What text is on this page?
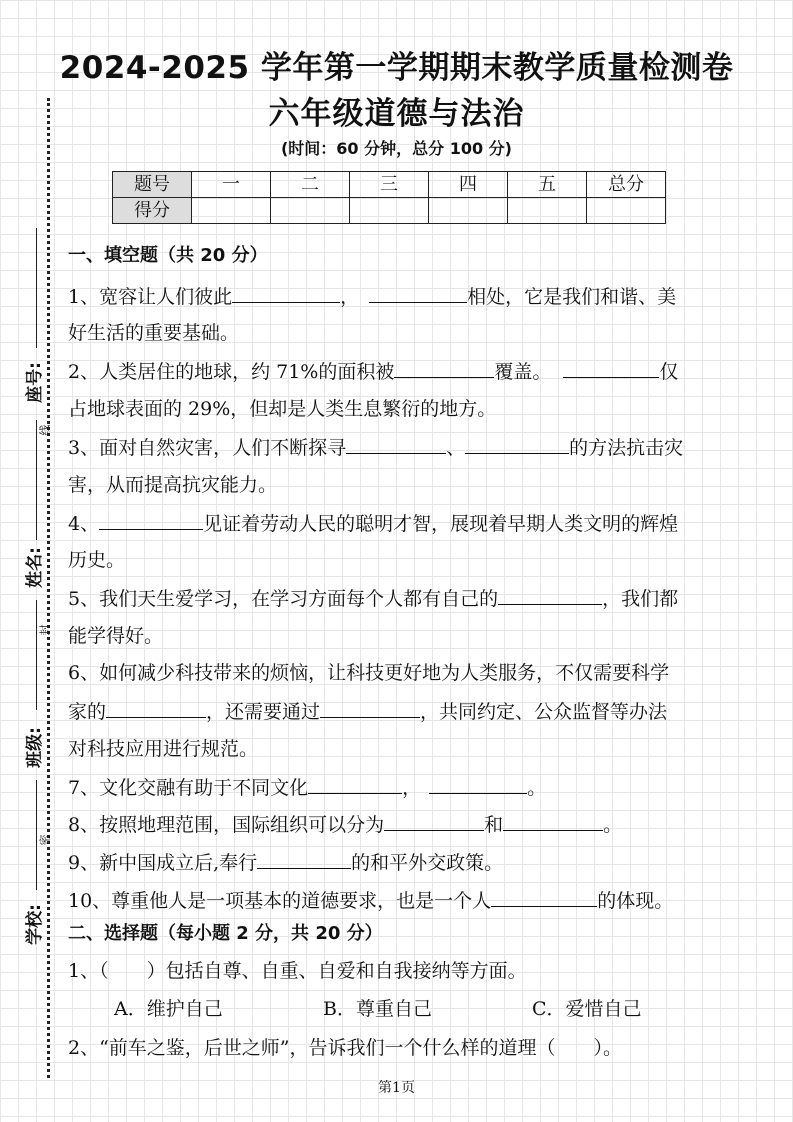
2024-2025 学年第一学期期末教学质量检测卷
六年级道德与法治
(时间：60 分钟，总分 100 分)
题号	一	二	三	四	五	总分
得分						
座号:
线
姓名:
封
班级:
密
学校:
一、填空题（共 20 分）
1、宽容让人们彼此	，	相处，它是我们和谐、美
好生活的重要基础。
2、人类居住的地球，约 71%的面积被	覆盖。	仅
占地球表面的 29%，但却是人类生息繁衍的地方。
3、面对自然灾害，人们不断探寻	、	的方法抗击灾
害，从而提高抗灾能力。
4、	见证着劳动人民的聪明才智，展现着早期人类文明的辉煌
历史。
5、我们天生爱学习，在学习方面每个人都有自己的	，我们都
能学得好。
6、如何减少科技带来的烦恼，让科技更好地为人类服务，不仅需要科学
家的	，还需要通过	，共同约定、公众监督等办法
对科技应用进行规范。
7、文化交融有助于不同文化	，	。
8、按照地理范围，国际组织可以分为	和	。
9、新中国成立后,奉行	的和平外交政策。
10、尊重他人是一项基本的道德要求，也是一个人	的体现。
二、选择题（每小题 2 分，共 20 分）
1、（　　）包括自尊、自重、自爱和自我接纳等方面。
A．维护自己	B．尊重自己	C．爱惜自己
2、“前车之鉴，后世之师”，告诉我们一个什么样的道理（　　）。
第1页
